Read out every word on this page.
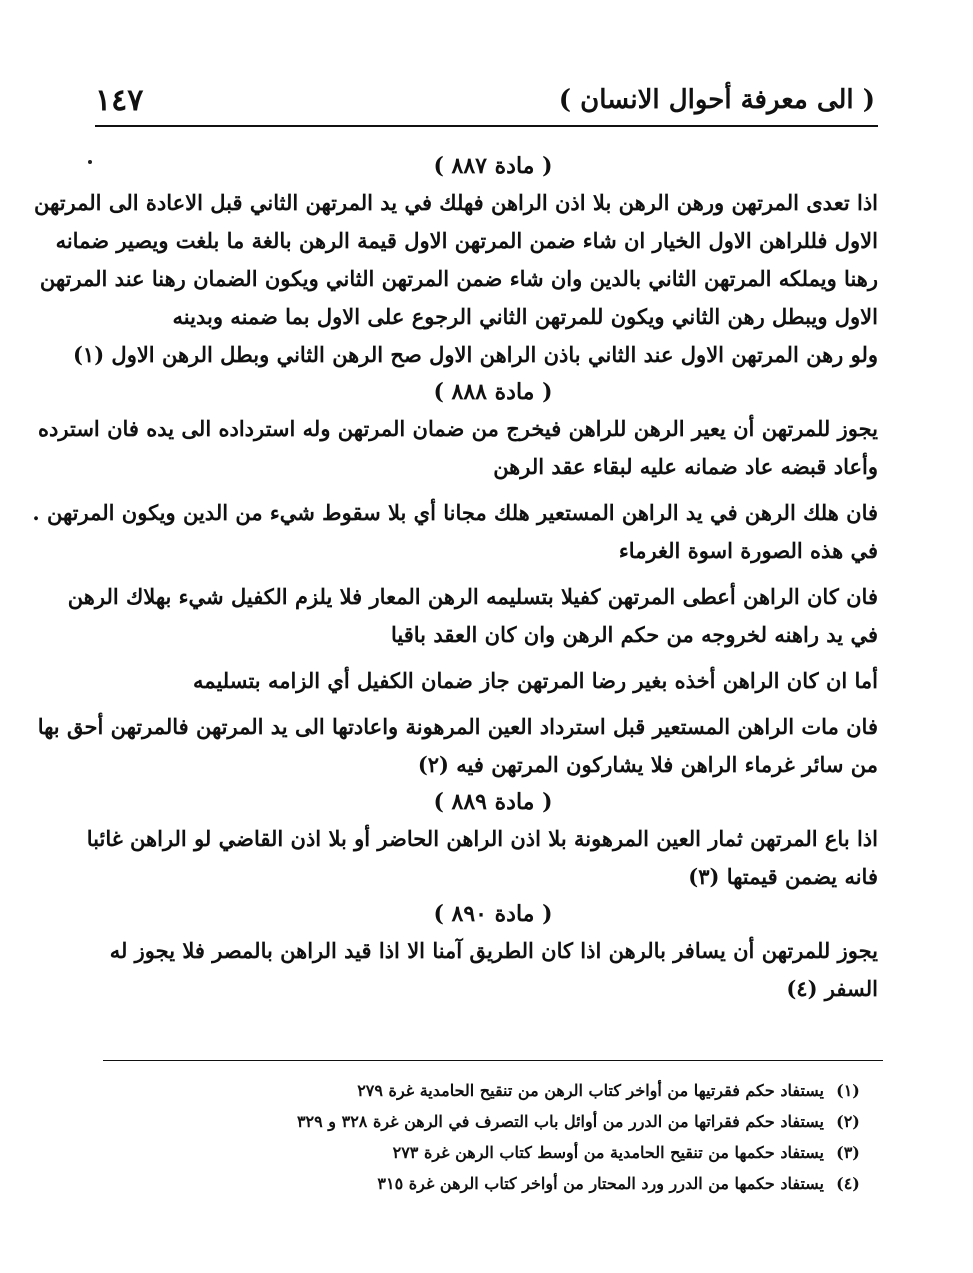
( الى معرفة أحوال الانسان )
١٤٧
( مادة ٨٨٧ )
اذا تعدى المرتهن ورهن الرهن بلا اذن الراهن فهلك في يد المرتهن الثاني قبل الاعادة الى المرتهن
الاول فللراهن الاول الخيار ان شاء ضمن المرتهن الاول قيمة الرهن بالغة ما بلغت ويصير ضمانه
رهنا ويملكه المرتهن الثاني بالدين وان شاء ضمن المرتهن الثاني ويكون الضمان رهنا عند المرتهن
الاول ويبطل رهن الثاني ويكون للمرتهن الثاني الرجوع على الاول بما ضمنه وبدينه
ولو رهن المرتهن الاول عند الثاني باذن الراهن الاول صح الرهن الثاني وبطل الرهن الاول (١)
( مادة ٨٨٨ )
يجوز للمرتهن أن يعير الرهن للراهن فيخرج من ضمان المرتهن وله استرداده الى يده فان استرده
وأعاد قبضه عاد ضمانه عليه لبقاء عقد الرهن
فان هلك الرهن في يد الراهن المستعير هلك مجانا أي بلا سقوط شيء من الدين ويكون المرتهن .
في هذه الصورة اسوة الغرماء
فان كان الراهن أعطى المرتهن كفيلا بتسليمه الرهن المعار فلا يلزم الكفيل شيء بهلاك الرهن
في يد راهنه لخروجه من حكم الرهن وان كان العقد باقيا
أما ان كان الراهن أخذه بغير رضا المرتهن جاز ضمان الكفيل أي الزامه بتسليمه
فان مات الراهن المستعير قبل استرداد العين المرهونة واعادتها الى يد المرتهن فالمرتهن أحق بها
من سائر غرماء الراهن فلا يشاركون المرتهن فيه (٢)
( مادة ٨٨٩ )
اذا باع المرتهن ثمار العين المرهونة بلا اذن الراهن الحاضر أو بلا اذن القاضي لو الراهن غائبا
فانه يضمن قيمتها (٣)
( مادة ٨٩٠ )
يجوز للمرتهن أن يسافر بالرهن اذا كان الطريق آمنا الا اذا قيد الراهن بالمصر فلا يجوز له
السفر (٤)
(١)
يستفاد حكم فقرتيها من أواخر كتاب الرهن من تنقيح الحامدية غرة ٢٧٩
(٢)
يستفاد حكم فقراتها من الدرر من أوائل باب التصرف في الرهن غرة ٣٢٨ و ٣٢٩
(٣)
يستفاد حكمها من تنقيح الحامدية من أوسط كتاب الرهن غرة ٢٧٣
(٤)
يستفاد حكمها من الدرر ورد المحتار من أواخر كتاب الرهن غرة ٣١٥
